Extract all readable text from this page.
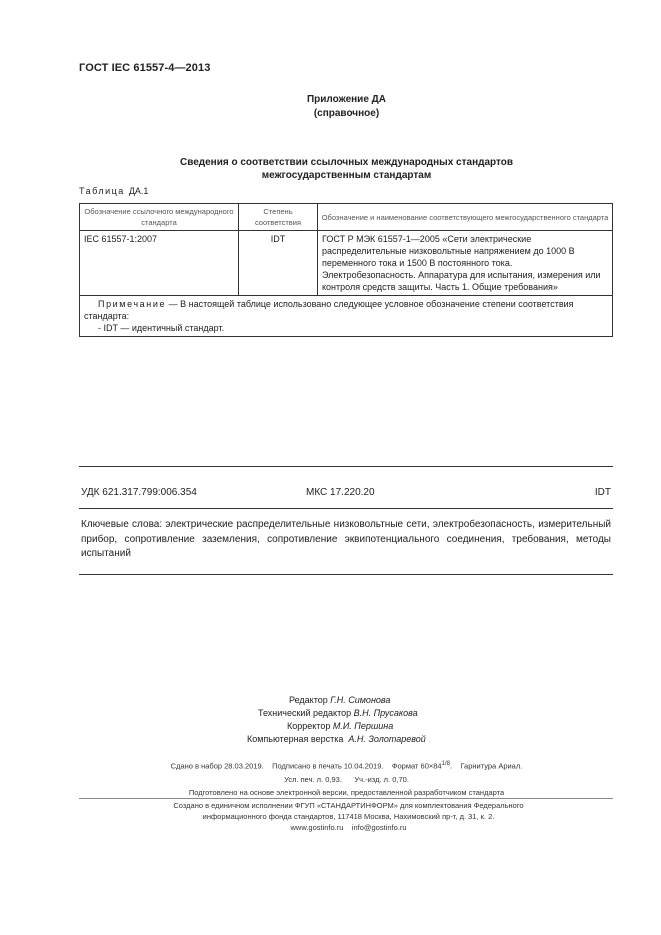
ГОСТ IEC 61557-4—2013
Приложение ДА
(справочное)
Сведения о соответствии ссылочных международных стандартов
межгосударственным стандартам
Таблица ДА.1
Обозначение ссылочного международного стандарта	Степень соответствия	Обозначение и наименование соответствующего межгосударственного стандарта
IEC 61557-1:2007	IDT	ГОСТ Р МЭК 61557-1—2005 «Сети электрические распределительные низковольтные напряжением до 1000 В переменного тока и 1500 В постоянного тока. Электробезопасность. Аппаратура для испытания, измерения или контроля средств защиты. Часть 1. Общие требования»

Примечание — В настоящей таблице использовано следующее условное обозначение степени соответствия стандарта:
- IDT — идентичный стандарт.		
УДК 621.317.799:006.354	МКС 17.220.20	IDT
Ключевые слова: электрические распределительные низковольтные сети, электробезопасность, измерительный прибор, сопротивление заземления, сопротивление эквипотенциального соединения, требования, методы испытаний
Редактор Г.Н. Симонова
Технический редактор В.Н. Прусакова
Корректор М.И. Першина
Компьютерная верстка А.Н. Золотаревой
Сдано в набор 28.03.2019. Подписано в печать 10.04.2019. Формат $60\times 84^{1/8}$. Гарнитура Ариал.
Усл. печ. л. 0,93. Уч.-изд. л. 0,70.
Подготовлено на основе электронной версии, предоставленной разработчиком стандарта
Создано в единичном исполнении ФГУП «СТАНДАРТИНФОРМ» для комплектования Федерального
информационного фонда стандартов, 117418 Москва, Нахимовский пр-т, д. 31, к. 2.
www.gostinfo.ru info@gostinfo.ru
